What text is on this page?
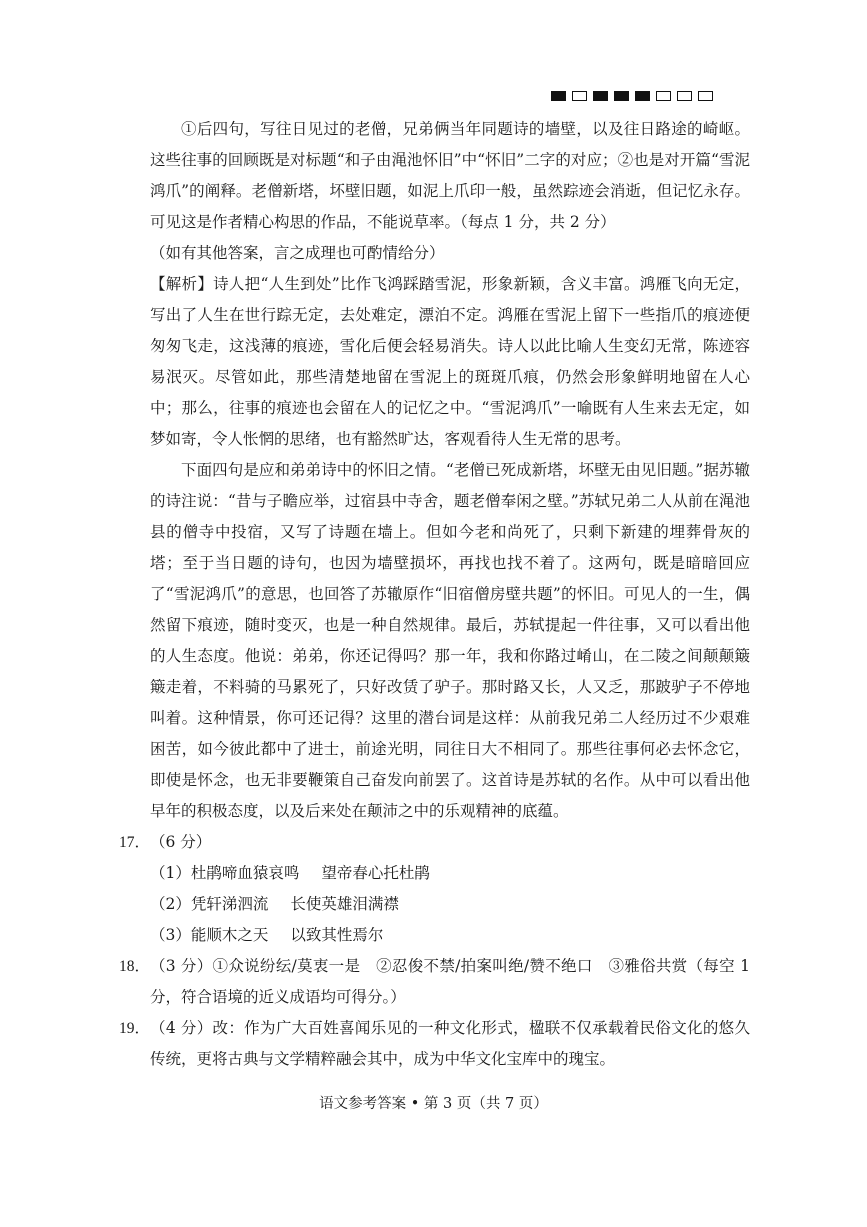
①后四句，写往日见过的老僧，兄弟俩当年同题诗的墙壁，以及往日路途的崎岖。这些往事的回顾既是对标题“和子由渑池怀旧”中“怀旧”二字的对应；②也是对开篇“雪泥鸿爪”的阐释。老僧新塔，坏壁旧题，如泥上爪印一般，虽然踪迹会消逝，但记忆永存。可见这是作者精心构思的作品，不能说草率。（每点 1 分，共 2 分）

（如有其他答案，言之成理也可酌情给分）

【解析】诗人把“人生到处”比作飞鸿踩踏雪泥，形象新颖，含义丰富。鸿雁飞向无定，写出了人生在世行踪无定，去处难定，漂泊不定。鸿雁在雪泥上留下一些指爪的痕迹便匆匆飞走，这浅薄的痕迹，雪化后便会轻易消失。诗人以此比喻人生变幻无常，陈迹容易泯灭。尽管如此，那些清楚地留在雪泥上的斑斑爪痕，仍然会形象鲜明地留在人心中；那么，往事的痕迹也会留在人的记忆之中。“雪泥鸿爪”一喻既有人生来去无定，如梦如寄，令人怅惘的思绪，也有豁然旷达，客观看待人生无常的思考。

下面四句是应和弟弟诗中的怀旧之情。“老僧已死成新塔，坏壁无由见旧题。”据苏辙的诗注说：“昔与子瞻应举，过宿县中寺舍，题老僧奉闲之壁。”苏轼兄弟二人从前在渑池县的僧寺中投宿，又写了诗题在墙上。但如今老和尚死了，只剩下新建的埋葬骨灰的塔；至于当日题的诗句，也因为墙壁损坏，再找也找不着了。这两句，既是暗暗回应了“雪泥鸿爪”的意思，也回答了苏辙原作“旧宿僧房壁共题”的怀旧。可见人的一生，偶然留下痕迹，随时变灭，也是一种自然规律。最后，苏轼提起一件往事，又可以看出他的人生态度。他说：弟弟，你还记得吗？那一年，我和你路过崤山，在二陵之间颠颠簸簸走着，不料骑的马累死了，只好改赁了驴子。那时路又长，人又乏，那跛驴子不停地叫着。这种情景，你可还记得？这里的潜台词是这样：从前我兄弟二人经历过不少艰难困苦，如今彼此都中了进士，前途光明，同往日大不相同了。那些往事何必去怀念它，即使是怀念，也无非要鞭策自己奋发向前罢了。这首诗是苏轼的名作。从中可以看出他早年的积极态度，以及后来处在颠沛之中的乐观精神的底蕴。

17． （6 分）

（1）杜鹃啼血猿哀鸣 望帝春心托杜鹃

（2）凭轩涕泗流 长使英雄泪满襟

（3）能顺木之天 以致其性焉尔

18． （3 分）①众说纷纭/莫衷一是　②忍俊不禁/拍案叫绝/赞不绝口　③雅俗共赏（每空 1 分，符合语境的近义成语均可得分。）

19． （4 分）改：作为广大百姓喜闻乐见的一种文化形式，楹联不仅承载着民俗文化的悠久传统，更将古典与文学精粹融会其中，成为中华文化宝库中的瑰宝。

语文参考答案 • 第 3 页（共 7 页）
